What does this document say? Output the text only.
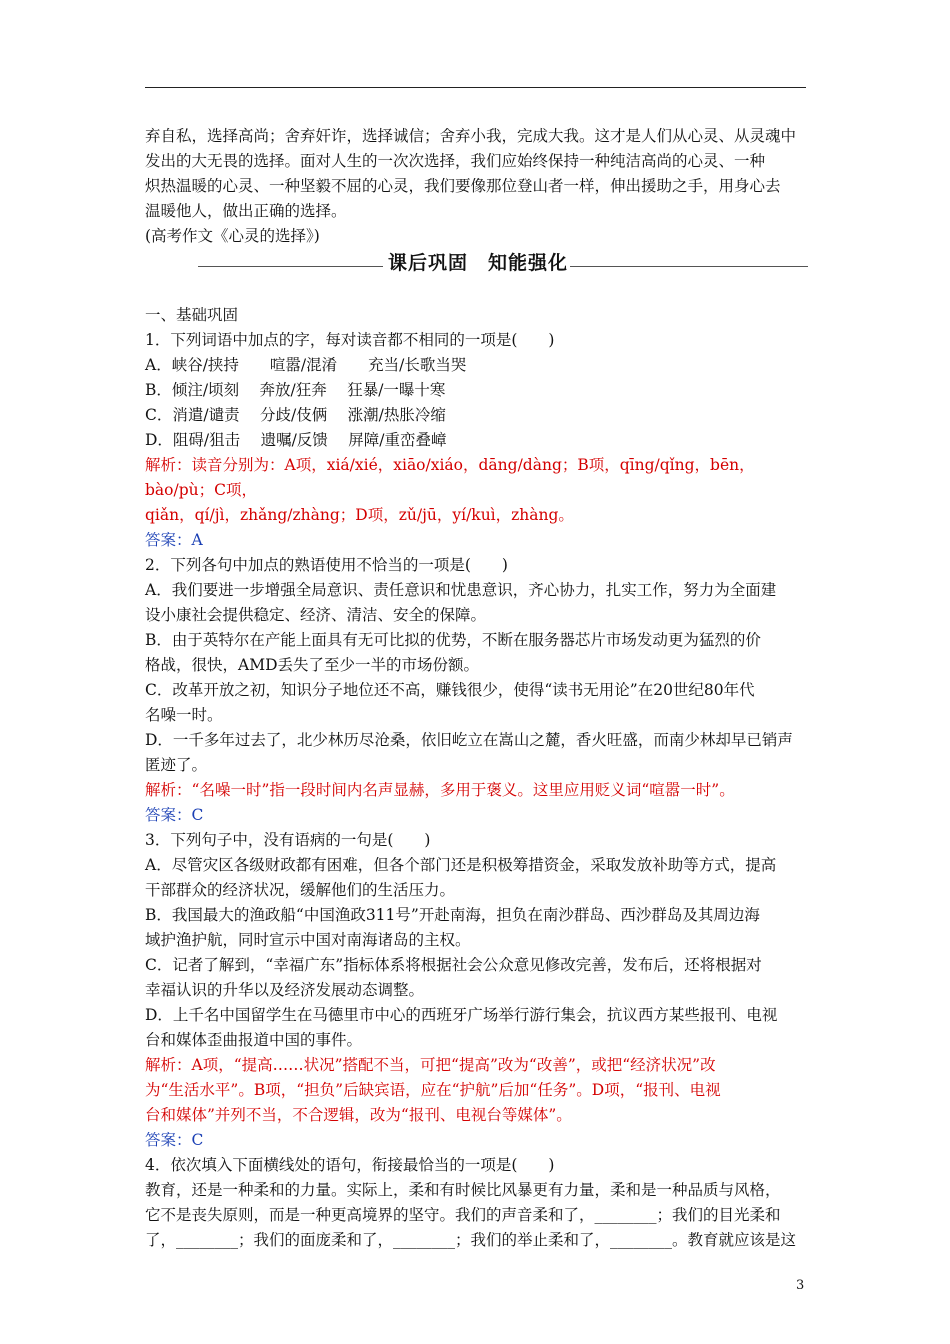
弃自私，选择高尚；舍弃奸诈，选择诚信；舍弃小我，完成大我。这才是人们从心灵、从灵魂中

发出的大无畏的选择。面对人生的一次次选择，我们应始终保持一种纯洁高尚的心灵、一种

炽热温暖的心灵、一种坚毅不屈的心灵，我们要像那位登山者一样，伸出援助之手，用身心去

温暖他人，做出正确的选择。

(高考作文《心灵的选择》)

课后巩固　知能强化

一、基础巩固

1．下列词语中加点的字，每对读音都不相同的一项是(　　)

A．峡谷/挟持　　喧嚣/混淆　　充当/长歌当哭

B．倾注/顷刻　 奔放/狂奔　 狂暴/一曝十寒

C．消遣/谴责　 分歧/伎俩　 涨潮/热胀冷缩

D．阻碍/狙击　 遗嘱/反馈　 屏障/重峦叠嶂

解析：读音分别为：A项，xiá/xié，xiāo/xiáo，dāng/dàng；B项，qīng/qǐng，bēn，bào/pù；C项，

qiǎn，qí/jì，zhǎng/zhàng；D项，zǔ/jū，yí/kuì，zhàng。

答案：A

2．下列各句中加点的熟语使用不恰当的一项是(　　)

A．我们要进一步增强全局意识、责任意识和忧患意识，齐心协力，扎实工作，努力为全面建

设小康社会提供稳定、经济、清洁、安全的保障。

B．由于英特尔在产能上面具有无可比拟的优势，不断在服务器芯片市场发动更为猛烈的价

格战，很快，AMD丢失了至少一半的市场份额。

C．改革开放之初，知识分子地位还不高，赚钱很少，使得“读书无用论”在20世纪80年代

名噪一时。

D．一千多年过去了，北少林历尽沧桑，依旧屹立在嵩山之麓，香火旺盛，而南少林却早已销声

匿迹了。

解析：“名噪一时”指一段时间内名声显赫，多用于褒义。这里应用贬义词“喧嚣一时”。

答案：C

3．下列句子中，没有语病的一句是(　　)

A．尽管灾区各级财政都有困难，但各个部门还是积极筹措资金，采取发放补助等方式，提高

干部群众的经济状况，缓解他们的生活压力。

B．我国最大的渔政船“中国渔政311号”开赴南海，担负在南沙群岛、西沙群岛及其周边海

域护渔护航，同时宣示中国对南海诸岛的主权。

C．记者了解到，“幸福广东”指标体系将根据社会公众意见修改完善，发布后，还将根据对

幸福认识的升华以及经济发展动态调整。

D．上千名中国留学生在马德里市中心的西班牙广场举行游行集会，抗议西方某些报刊、电视

台和媒体歪曲报道中国的事件。

解析：A项，“提高……状况”搭配不当，可把“提高”改为“改善”，或把“经济状况”改

为“生活水平”。B项，“担负”后缺宾语，应在“护航”后加“任务”。D项，“报刊、电视

台和媒体”并列不当，不合逻辑，改为“报刊、电视台等媒体”。

答案：C

4．依次填入下面横线处的语句，衔接最恰当的一项是(　　)

教育，还是一种柔和的力量。实际上，柔和有时候比风暴更有力量，柔和是一种品质与风格，

它不是丧失原则，而是一种更高境界的坚守。我们的声音柔和了，________；我们的目光柔和

了，________；我们的面庞柔和了，________；我们的举止柔和了，________。教育就应该是这

3
